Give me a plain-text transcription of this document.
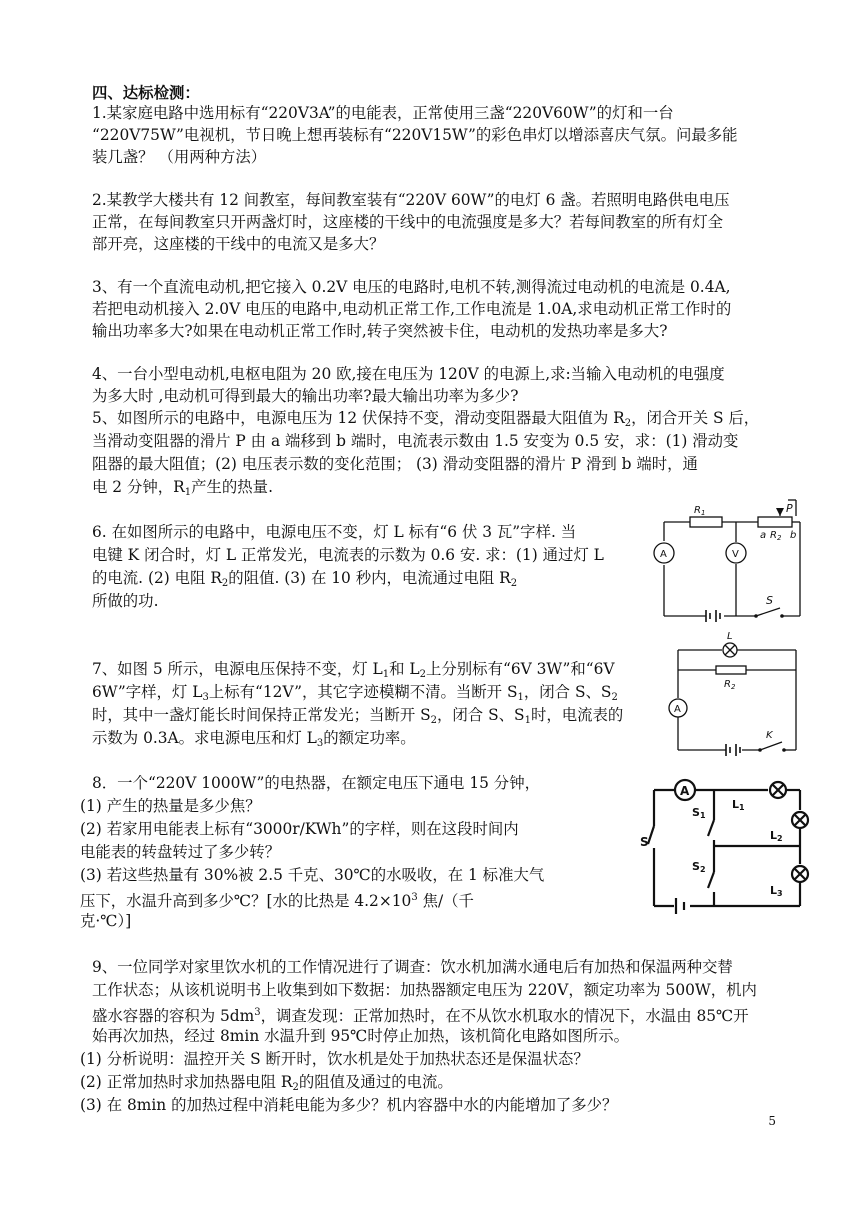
四、达标检测：

1.某家庭电路中选用标有“220V3A”的电能表，正常使用三盏“220V60W”的灯和一台

“220V75W”电视机，节日晚上想再装标有“220V15W”的彩色串灯以增添喜庆气氛。问最多能

装几盏？ （用两种方法）

2.某教学大楼共有 12 间教室，每间教室装有“220V 60W”的电灯 6 盏。若照明电路供电电压

正常，在每间教室只开两盏灯时，这座楼的干线中的电流强度是多大？若每间教室的所有灯全

部开亮，这座楼的干线中的电流又是多大？

3、有一个直流电动机,把它接入 0.2V 电压的电路时,电机不转,测得流过电动机的电流是 0.4A,

若把电动机接入 2.0V 电压的电路中,电动机正常工作,工作电流是 1.0A,求电动机正常工作时的

输出功率多大?如果在电动机正常工作时,转子突然被卡住，电动机的发热功率是多大?

4、一台小型电动机,电枢电阻为 20 欧,接在电压为 120V 的电源上,求:当输入电动机的电强度

为多大时 ,电动机可得到最大的输出功率?最大输出功率为多少?

5、如图所示的电路中，电源电压为 12 伏保持不变，滑动变阻器最大阻值为 $R_2$，闭合开关 S 后，

当滑动变阻器的滑片 P 由 a 端移到 b 端时，电流表示数由 1.5 安变为 0.5 安，求：(1) 滑动变

阻器的最大阻值；(2) 电压表示数的变化范围； (3) 滑动变阻器的滑片 P 滑到 b 端时，通

电 2 分钟，$R_1$产生的热量.

6. 在如图所示的电路中，电源电压不变，灯 L 标有“6 伏 3 瓦”字样. 当

电键 K 闭合时，灯 L 正常发光，电流表的示数为 0.6 安. 求：(1) 通过灯 L

的电流. (2) 电阻 $R_2$的阻值. (3) 在 10 秒内，电流通过电阻 $R_2$

所做的功.

7、如图 5 所示，电源电压保持不变，灯 $L_1$和 $L_2$上分别标有“6V 3W”和“6V

6W”字样，灯 $L_3$上标有“12V”，其它字迹模糊不清。当断开 $S_1$，闭合 S、$S_2$

时，其中一盏灯能长时间保持正常发光；当断开 $S_2$，闭合 S、$S_1$时，电流表的

示数为 0.3A。求电源电压和灯 $L_3$的额定功率。

8．一个“220V 1000W”的电热器，在额定电压下通电 15 分钟，

(1) 产生的热量是多少焦？

(2) 若家用电能表上标有“3000r/KWh”的字样，则在这段时间内

电能表的转盘转过了多少转？

(3) 若这些热量有 30%被 2.5 千克、30℃的水吸收，在 1 标准大气

压下，水温升高到多少℃？[水的比热是 $4.2\times 10^3$ 焦/（千

克·℃）]

9、一位同学对家里饮水机的工作情况进行了调查：饮水机加满水通电后有加热和保温两种交替

工作状态；从该机说明书上收集到如下数据：加热器额定电压为 220V，额定功率为 500W，机内

盛水容器的容积为 $5dm^3$，调查发现：正常加热时，在不从饮水机取水的情况下，水温由 85℃开

始再次加热，经过 8min 水温升到 95℃时停止加热，该机简化电路如图所示。

(1) 分析说明：温控开关 S 断开时，饮水机是处于加热状态还是保温状态？

(2) 正常加热时求加热器电阻 $R_2$的阻值及通过的电流。

(3) 在 8min 的加热过程中消耗电能为多少？机内容器中水的内能增加了多少？

5
$R_1$
a $R_2$ b
P
A	V
S
L
$R_2$
A
K
A
S
S1
S2
L1
L2
L3
